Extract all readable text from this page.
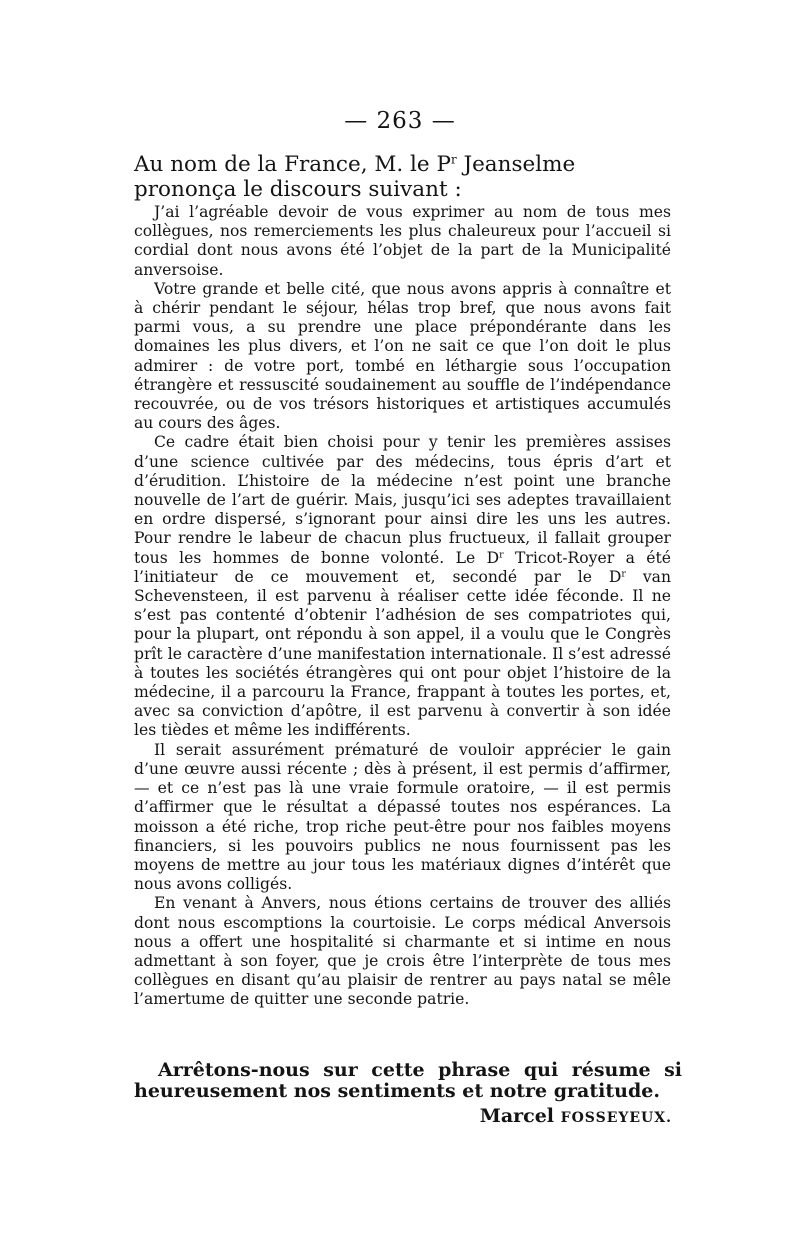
— 263 —
Au nom de la France, M. le $P^r$ Jeanselme prononça le discours suivant :

J’ai l’agréable devoir de vous exprimer au nom de tous mes collègues, nos remerciements les plus chaleureux pour l’accueil si cordial dont nous avons été l’objet de la part de la Municipalité anversoise.

Votre grande et belle cité, que nous avons appris à connaître et à chérir pendant le séjour, hélas trop bref, que nous avons fait parmi vous, a su prendre une place prépondérante dans les domaines les plus divers, et l’on ne sait ce que l’on doit le plus admirer : de votre port, tombé en léthargie sous l’occupation étrangère et ressuscité soudainement au souffle de l’indépendance recouvrée, ou de vos trésors historiques et artistiques accumulés au cours des âges.

Ce cadre était bien choisi pour y tenir les premières assises d’une science cultivée par des médecins, tous épris d’art et d’érudition. L’histoire de la médecine n’est point une branche nouvelle de l’art de guérir. Mais, jusqu’ici ses adeptes travaillaient en ordre dispersé, s’ignorant pour ainsi dire les uns les autres. Pour rendre le labeur de chacun plus fructueux, il fallait grouper tous les hommes de bonne volonté. Le $D^r$ Tricot-Royer a été l’initiateur de ce mouvement et, secondé par le $D^r$ van Schevensteen, il est parvenu à réaliser cette idée féconde. Il ne s’est pas contenté d’obtenir l’adhésion de ses compatriotes qui, pour la plupart, ont répondu à son appel, il a voulu que le Congrès prît le caractère d’une manifestation internationale. Il s’est adressé à toutes les sociétés étrangères qui ont pour objet l’histoire de la médecine, il a parcouru la France, frappant à toutes les portes, et, avec sa conviction d’apôtre, il est parvenu à convertir à son idée les tièdes et même les indifférents.

Il serait assurément prématuré de vouloir apprécier le gain d’une œuvre aussi récente ; dès à présent, il est permis d’affirmer, — et ce n’est pas là une vraie formule oratoire, — il est permis d’affirmer que le résultat a dépassé toutes nos espérances. La moisson a été riche, trop riche peut-être pour nos faibles moyens financiers, si les pouvoirs publics ne nous fournissent pas les moyens de mettre au jour tous les matériaux dignes d’intérêt que nous avons colligés.

En venant à Anvers, nous étions certains de trouver des alliés dont nous escomptions la courtoisie. Le corps médical Anversois nous a offert une hospitalité si charmante et si intime en nous admettant à son foyer, que je crois être l’interprète de tous mes collègues en disant qu’au plaisir de rentrer au pays natal se mêle l’amertume de quitter une seconde patrie.

Arrêtons-nous sur cette phrase qui résume si heureusement nos sentiments et notre gratitude.
Marcel FOSSEYEUX.
